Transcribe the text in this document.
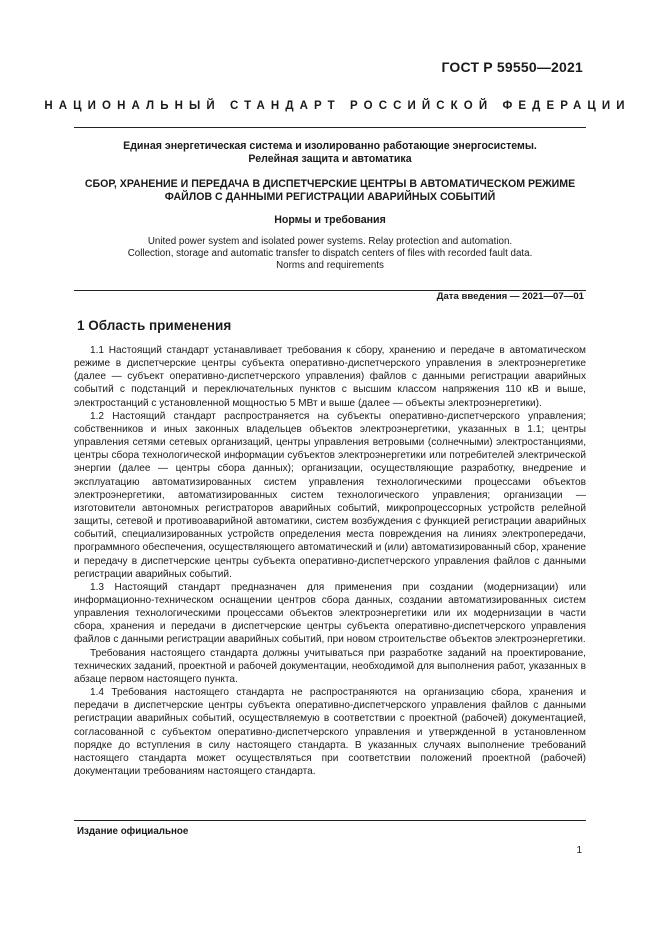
ГОСТ Р 59550—2021
НАЦИОНАЛЬНЫЙ СТАНДАРТ РОССИЙСКОЙ ФЕДЕРАЦИИ
Единая энергетическая система и изолированно работающие энергосистемы.
Релейная защита и автоматика
СБОР, ХРАНЕНИЕ И ПЕРЕДАЧА В ДИСПЕТЧЕРСКИЕ ЦЕНТРЫ В АВТОМАТИЧЕСКОМ РЕЖИМЕ
ФАЙЛОВ С ДАННЫМИ РЕГИСТРАЦИИ АВАРИЙНЫХ СОБЫТИЙ
Нормы и требования
United power system and isolated power systems. Relay protection and automation.
Collection, storage and automatic transfer to dispatch centers of files with recorded fault data.
Norms and requirements
Дата введения — 2021—07—01
1 Область применения

1.1 Настоящий стандарт устанавливает требования к сбору, хранению и передаче в автоматическом режиме в диспетчерские центры субъекта оперативно-диспетчерского управления в электроэнергетике (далее — субъект оперативно-диспетчерского управления) файлов с данными регистрации аварийных событий с подстанций и переключательных пунктов с высшим классом напряжения 110 кВ и выше, электростанций с установленной мощностью 5 МВт и выше (далее — объекты электроэнергетики).

1.2 Настоящий стандарт распространяется на субъекты оперативно-диспетчерского управления; собственников и иных законных владельцев объектов электроэнергетики, указанных в 1.1; центры управления сетями сетевых организаций, центры управления ветровыми (солнечными) электростанциями, центры сбора технологической информации субъектов электроэнергетики или потребителей электрической энергии (далее — центры сбора данных); организации, осуществляющие разработку, внедрение и эксплуатацию автоматизированных систем управления технологическими процессами объектов электроэнергетики, автоматизированных систем технологического управления; организации — изготовители автономных регистраторов аварийных событий, микропроцессорных устройств релейной защиты, сетевой и противоаварийной автоматики, систем возбуждения с функцией регистрации аварийных событий, специализированных устройств определения места повреждения на линиях электропередачи, программного обеспечения, осуществляющего автоматический и (или) автоматизированный сбор, хранение и передачу в диспетчерские центры субъекта оперативно-диспетчерского управления файлов с данными регистрации аварийных событий.

1.3 Настоящий стандарт предназначен для применения при создании (модернизации) или информационно-техническом оснащении центров сбора данных, создании автоматизированных систем управления технологическими процессами объектов электроэнергетики или их модернизации в части сбора, хранения и передачи в диспетчерские центры субъекта оперативно-диспетчерского управления файлов с данными регистрации аварийных событий, при новом строительстве объектов электроэнергетики.

Требования настоящего стандарта должны учитываться при разработке заданий на проектирование, технических заданий, проектной и рабочей документации, необходимой для выполнения работ, указанных в абзаце первом настоящего пункта.

1.4 Требования настоящего стандарта не распространяются на организацию сбора, хранения и передачи в диспетчерские центры субъекта оперативно-диспетчерского управления файлов с данными регистрации аварийных событий, осуществляемую в соответствии с проектной (рабочей) документацией, согласованной с субъектом оперативно-диспетчерского управления и утвержденной в установленном порядке до вступления в силу настоящего стандарта. В указанных случаях выполнение требований настоящего стандарта может осуществляться при соответствии положений проектной (рабочей) документации требованиям настоящего стандарта.

Издание официальное
1
